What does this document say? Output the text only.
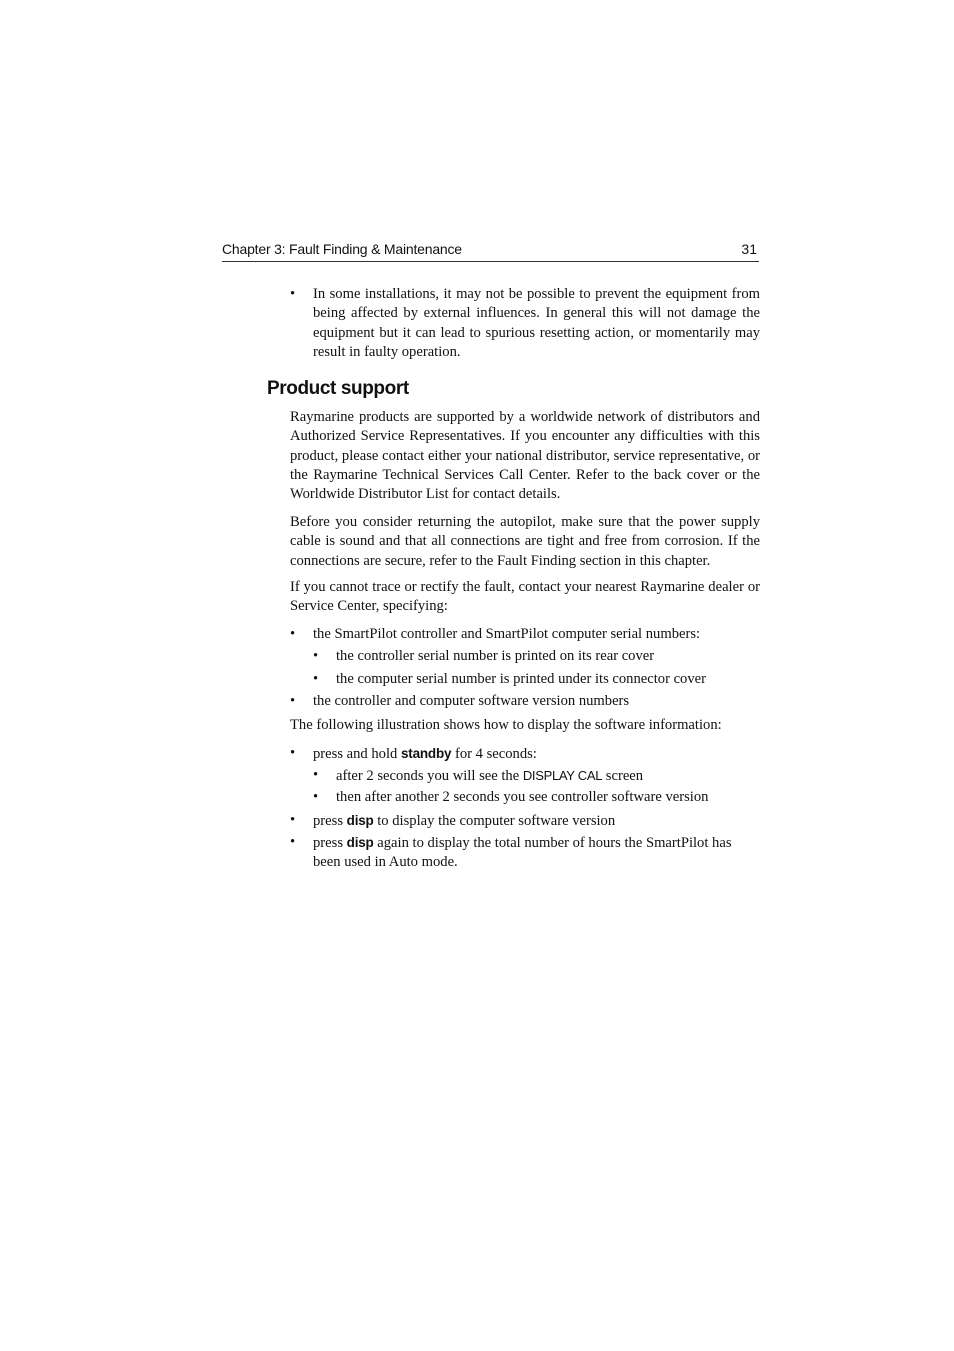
Chapter 3: Fault Finding & Maintenance	31
• In some installations, it may not be possible to prevent the equipment from being affected by external influences. In general this will not damage the equipment but it can lead to spurious resetting action, or momentarily may result in faulty operation.
Product support
Raymarine products are supported by a worldwide network of distributors and Authorized Service Representatives. If you encounter any difficulties with this product, please contact either your national distributor, service representative, or the Raymarine Technical Services Call Center. Refer to the back cover or the Worldwide Distributor List for contact details.
Before you consider returning the autopilot, make sure that the power supply cable is sound and that all connections are tight and free from corrosion. If the connections are secure, refer to the Fault Finding section in this chapter.
If you cannot trace or rectify the fault, contact your nearest Raymarine dealer or Service Center, specifying:
• the SmartPilot controller and SmartPilot computer serial numbers:
• the controller serial number is printed on its rear cover
• the computer serial number is printed under its connector cover
• the controller and computer software version numbers
The following illustration shows how to display the software information:
• press and hold standby for 4 seconds:
• after 2 seconds you will see the DISPLAY CAL screen
• then after another 2 seconds you see controller software version
• press disp to display the computer software version
• press disp again to display the total number of hours the SmartPilot has been used in Auto mode.
